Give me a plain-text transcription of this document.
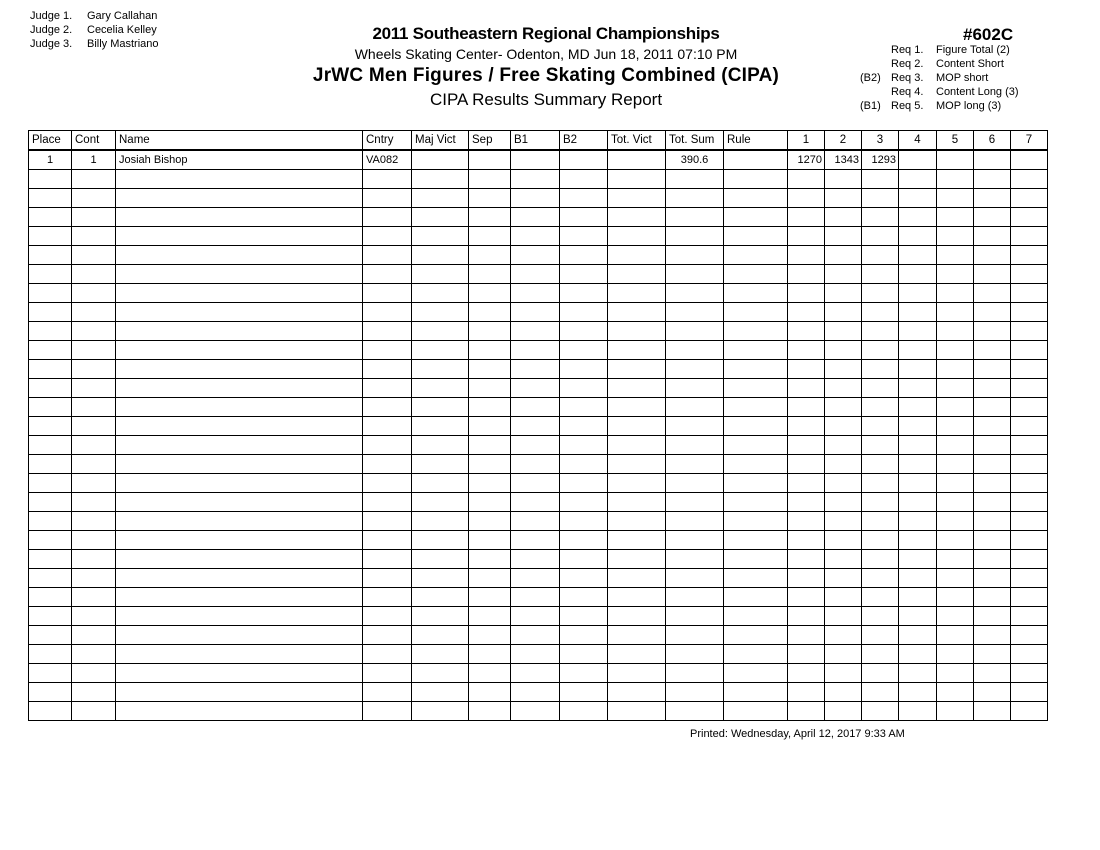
Judge 1. Gary Callahan
Judge 2. Cecelia Kelley
Judge 3. Billy Mastriano
2011 Southeastern Regional Championships
Wheels Skating Center- Odenton, MD Jun 18, 2011 07:10 PM
JrWC Men Figures / Free Skating Combined (CIPA)
CIPA Results Summary Report
#602C
Req 1. Figure Total (2)
Req 2. Content Short
(B2) Req 3. MOP short
Req 4. Content Long (3)
(B1) Req 5. MOP long (3)
Place	Cont	Name	Cntry	Maj Vict	Sep	B1	B2	Tot. Vict	Tot. Sum	Rule	1	2	3	4	5	6	7
1	1	Josiah Bishop	VA082						390.6		1270	1343	1293				

Printed: Wednesday, April 12, 2017 9:33 AM
